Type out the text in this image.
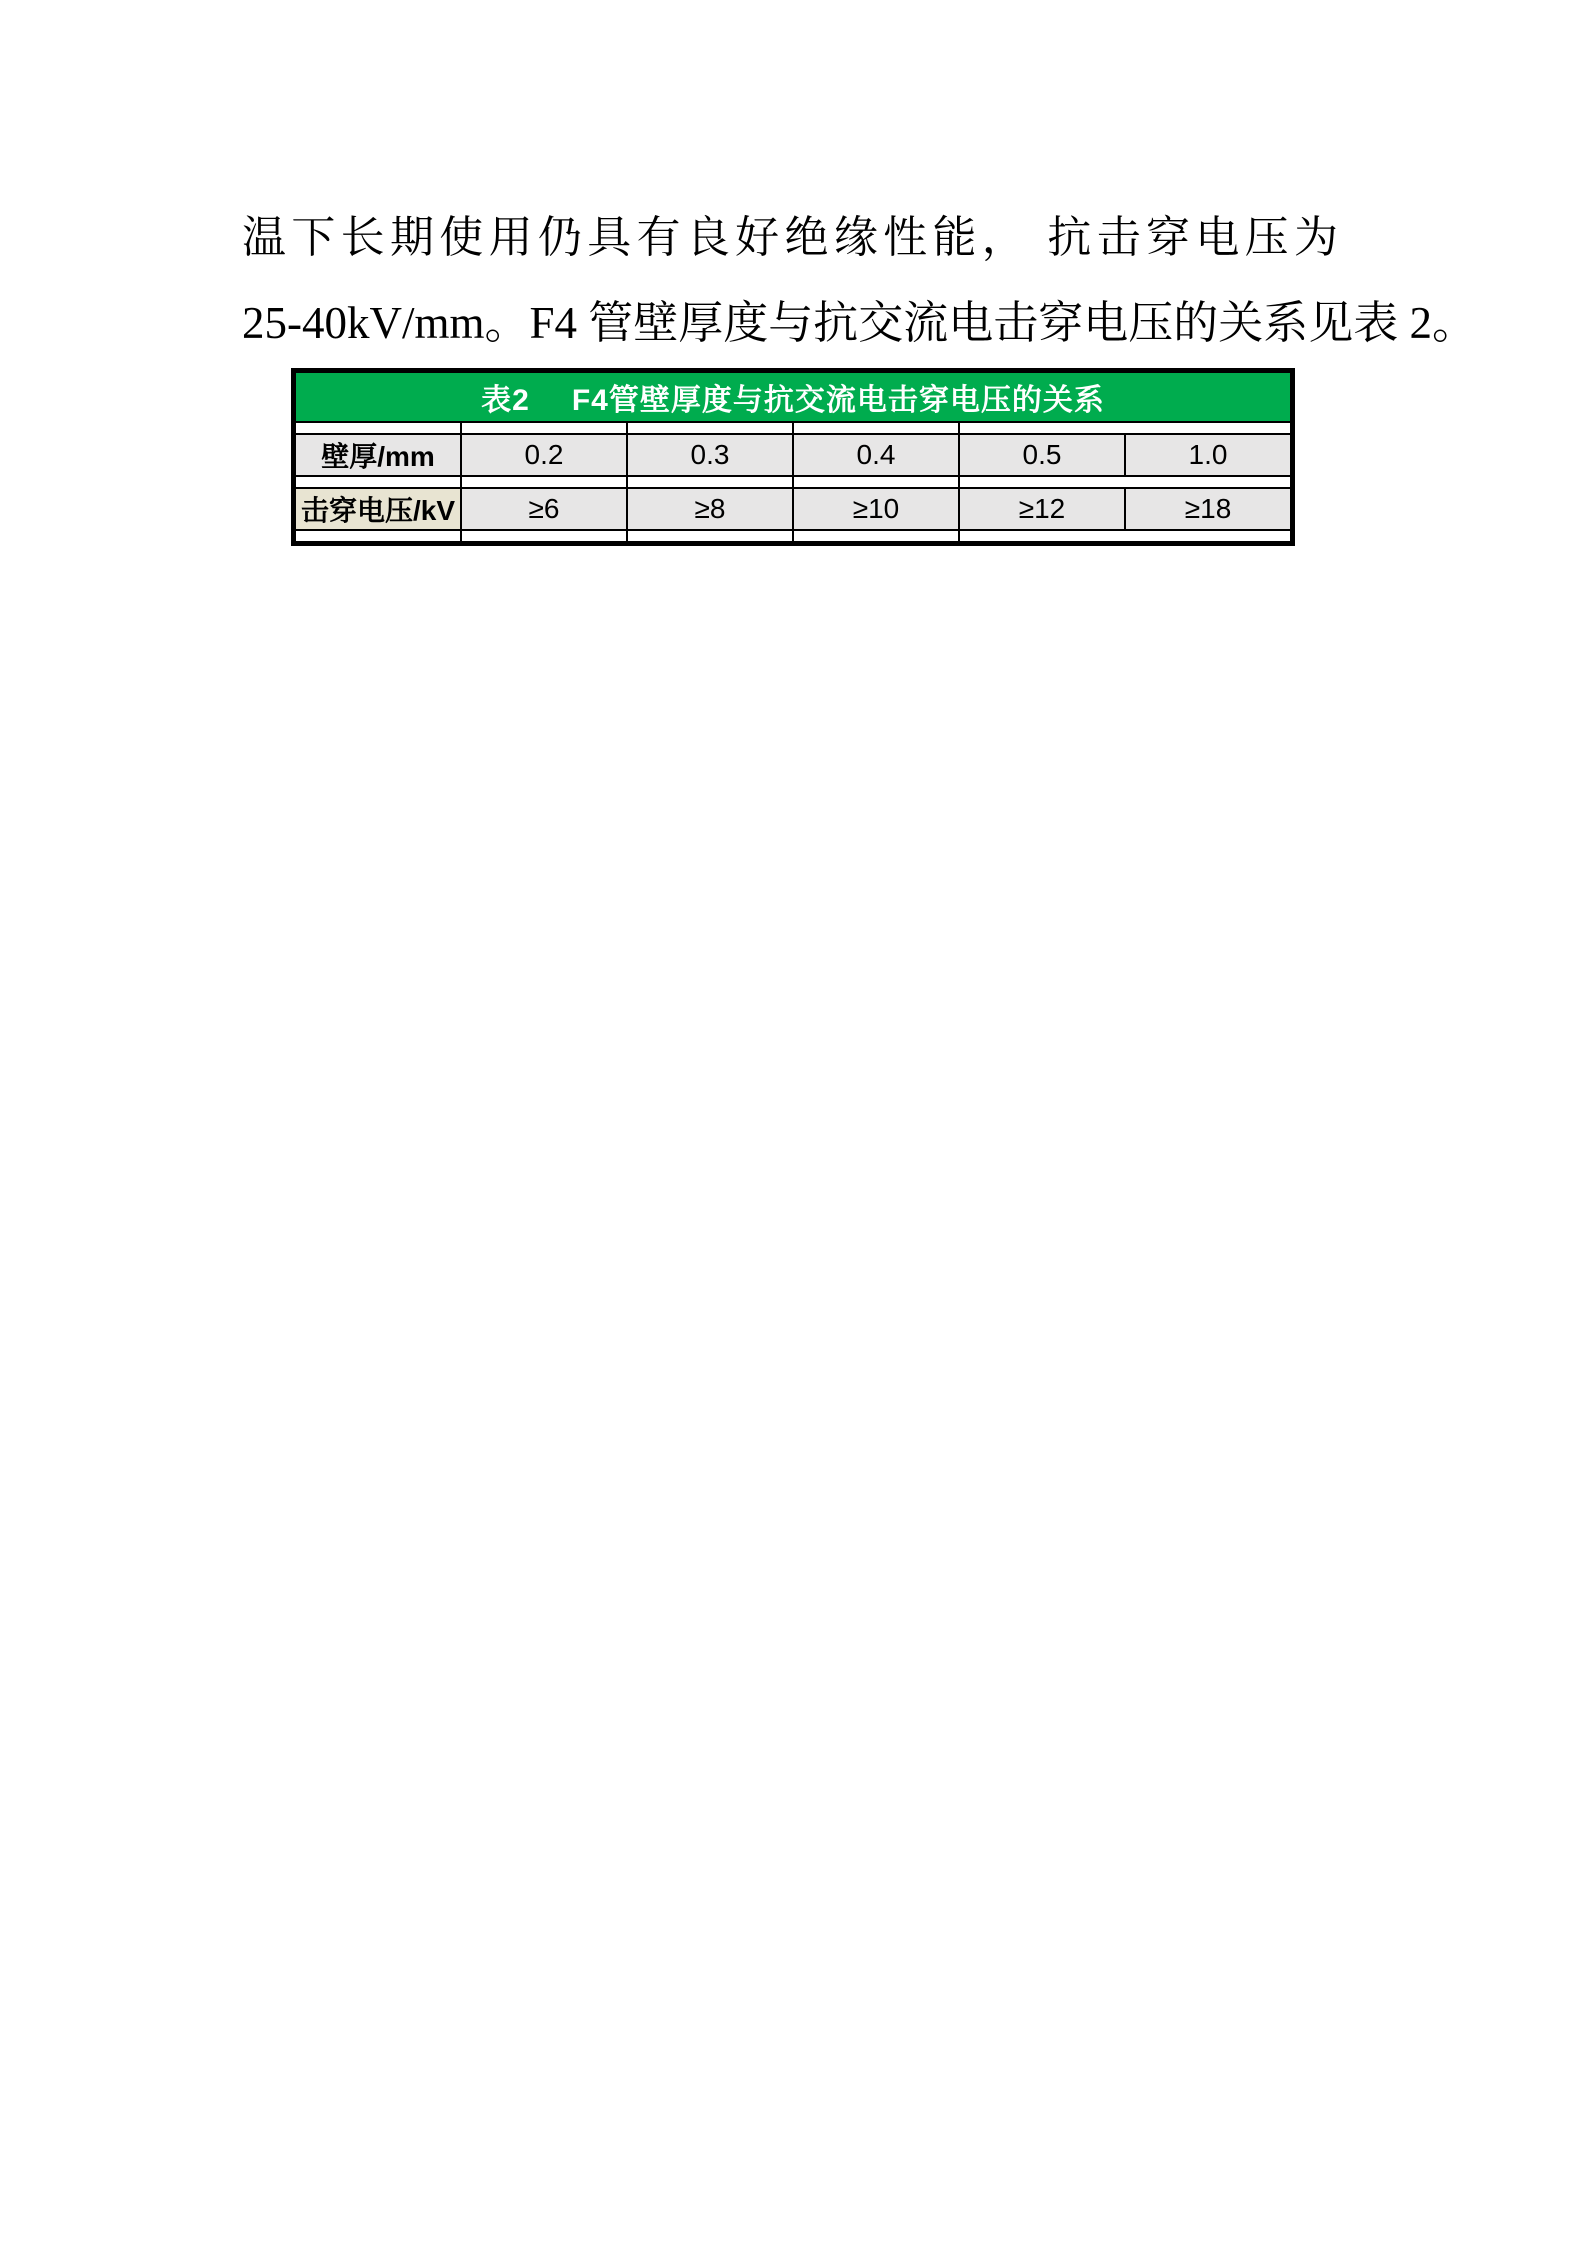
温下长期使用仍具有良好绝缘性能， 抗击穿电压为
25-40kV/mm。F4 管壁厚度与抗交流电击穿电压的关系见表 2。
表2 F4管壁厚度与抗交流电击穿电压的关系					

壁厚/mm	0.2	0.3	0.4	0.5	1.0

击穿电压/kV	≥6	≥8	≥10	≥12	≥18
